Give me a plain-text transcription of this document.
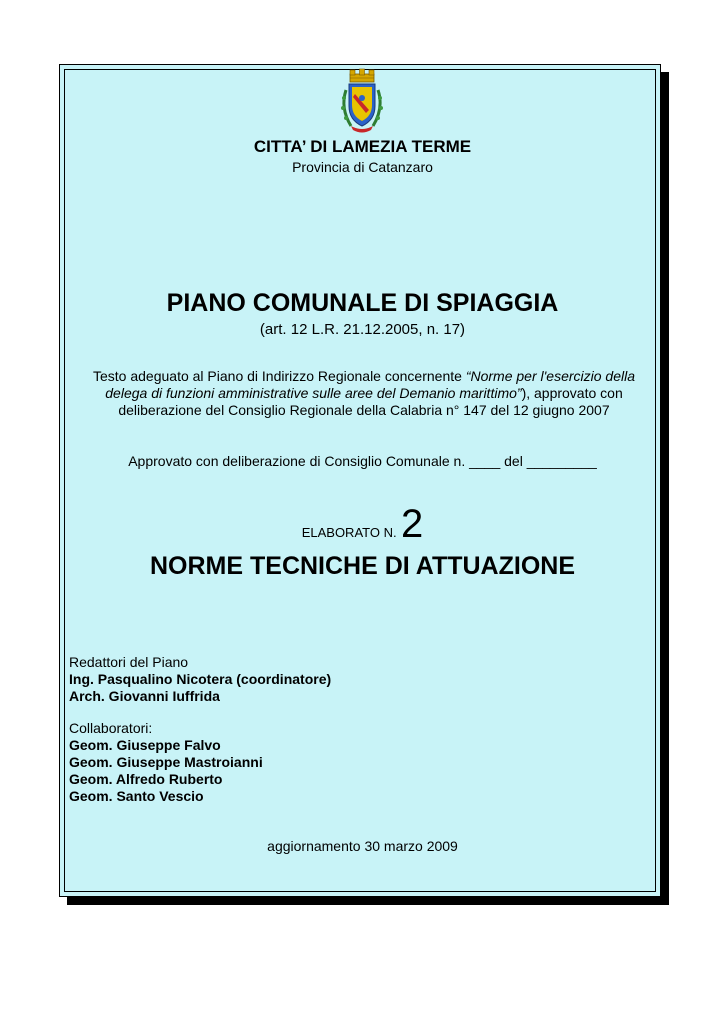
CITTA’ DI LAMEZIA TERME
Provincia di Catanzaro
PIANO COMUNALE DI SPIAGGIA
(art. 12 L.R. 21.12.2005, n. 17)
Testo adeguato al Piano di Indirizzo Regionale concernente “Norme per l'esercizio della delega di funzioni amministrative sulle aree del Demanio marittimo”), approvato con deliberazione del Consiglio Regionale della Calabria n° 147 del 12 giugno 2007
Approvato con deliberazione di Consiglio Comunale n. ____ del _________
ELABORATO N. 2
NORME TECNICHE DI ATTUAZIONE
Redattori del Piano
Ing. Pasqualino Nicotera (coordinatore)
Arch. Giovanni Iuffrida
Collaboratori:
Geom. Giuseppe Falvo
Geom. Giuseppe Mastroianni
Geom. Alfredo Ruberto
Geom. Santo Vescio
aggiornamento 30 marzo 2009
